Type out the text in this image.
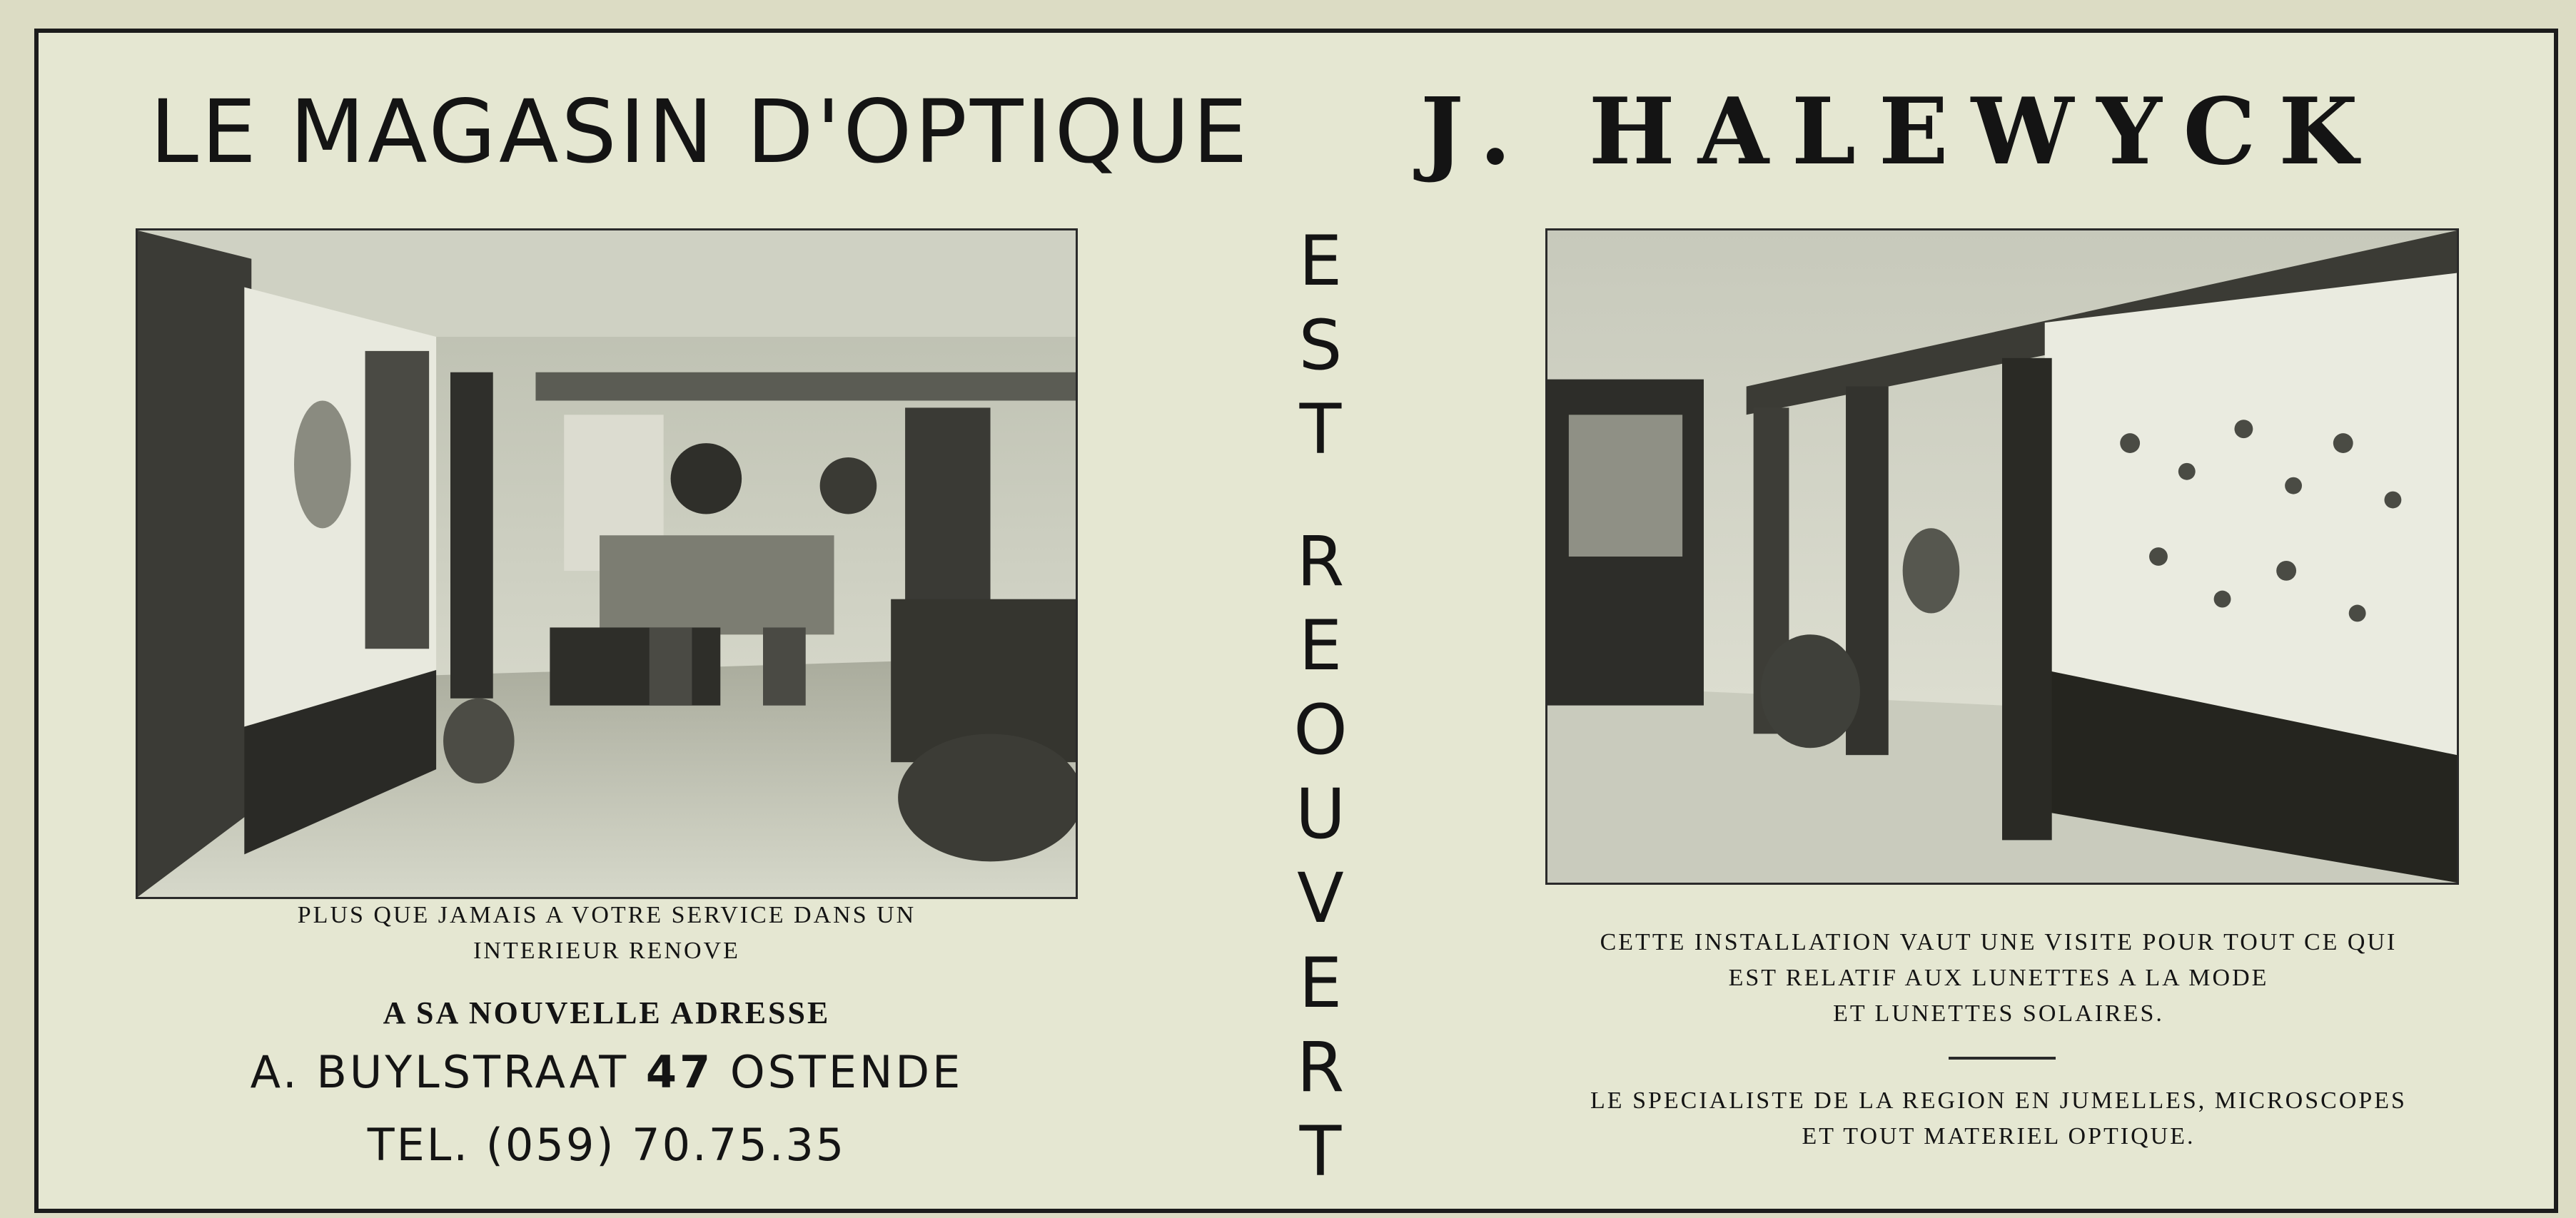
LE MAGASIN D'OPTIQUE	J. HALEWYCK
E
S
T
R
E
O
U
V
E
R
T
PLUS QUE JAMAIS A VOTRE SERVICE DANS UN
INTERIEUR RENOVE
A SA NOUVELLE ADRESSE
A. BUYLSTRAAT 47 OSTENDE
TEL. (059) 70.75.35
CETTE INSTALLATION VAUT UNE VISITE POUR TOUT CE QUI
EST RELATIF AUX LUNETTES A LA MODE
ET LUNETTES SOLAIRES.
LE SPECIALISTE DE LA REGION EN JUMELLES, MICROSCOPES
ET TOUT MATERIEL OPTIQUE.
